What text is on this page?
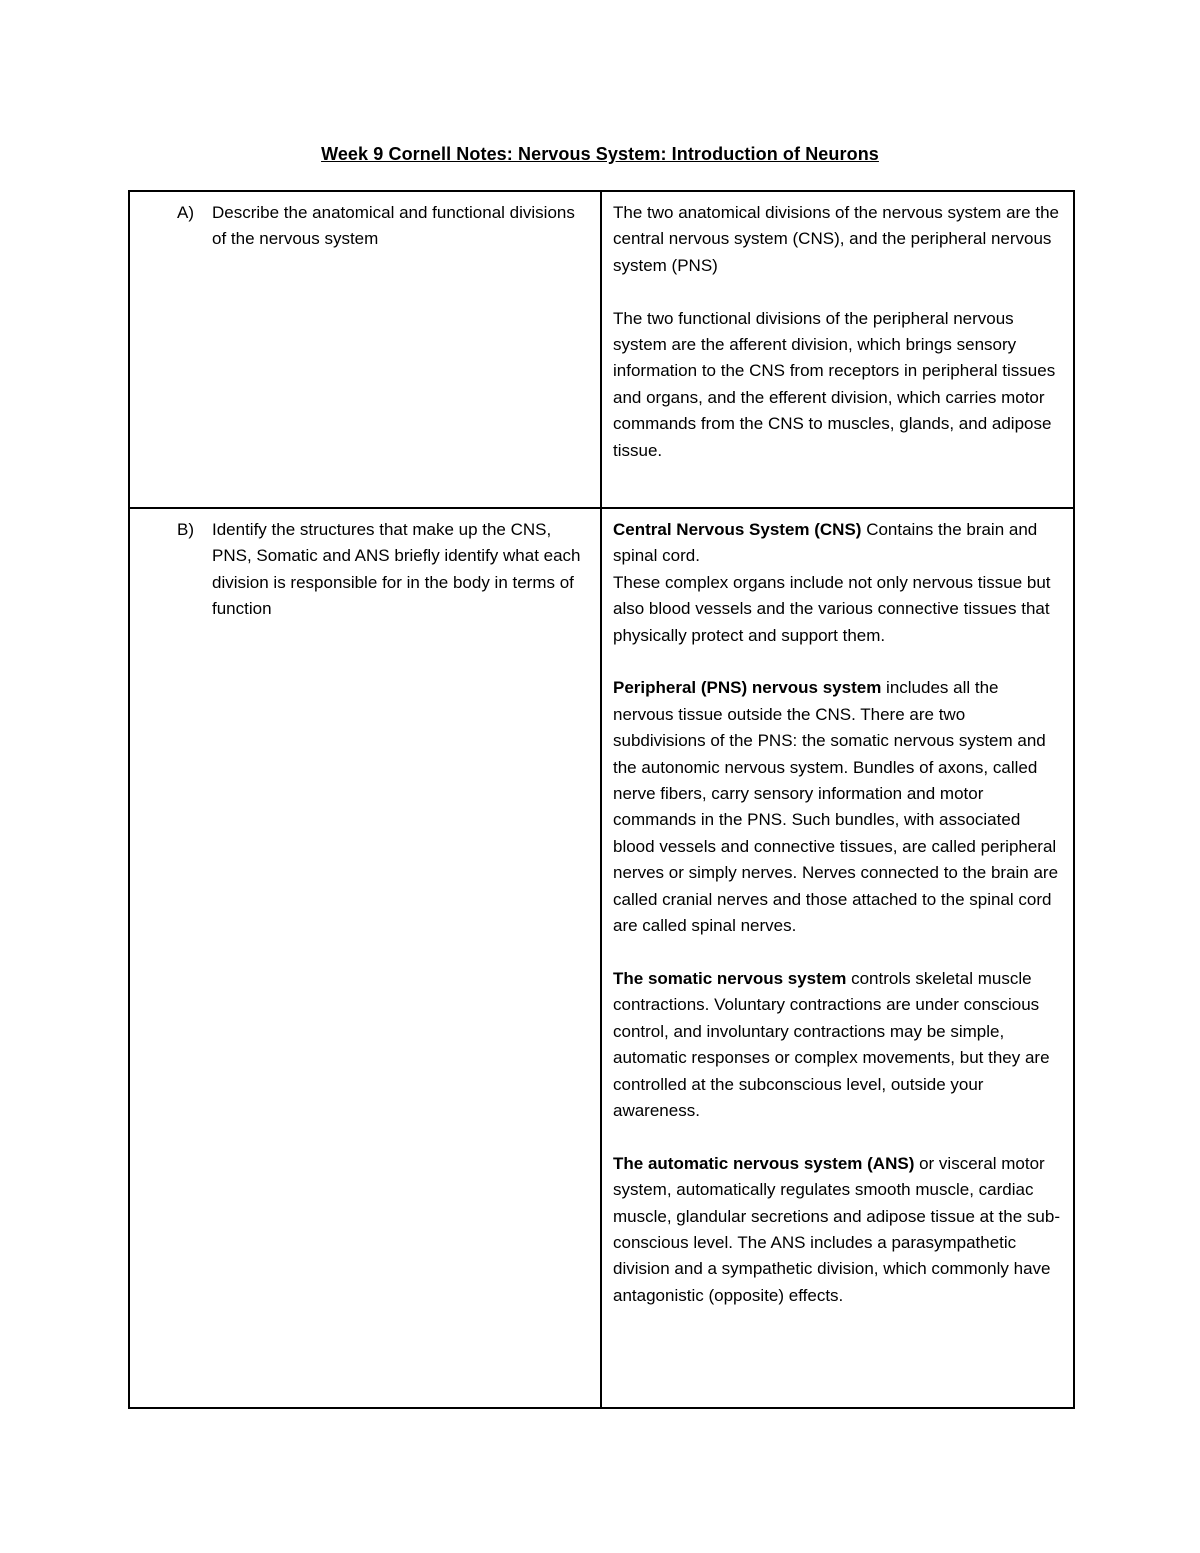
Week 9 Cornell Notes: Nervous System: Introduction of Neurons
A)	Describe the anatomical and functional divisions of the nervous system

The two anatomical divisions of the nervous system are the central nervous system (CNS), and the peripheral nervous system (PNS)

The two functional divisions of the peripheral nervous system are the afferent division, which brings sensory information to the CNS from receptors in peripheral tissues and organs, and the efferent division, which carries motor commands from the CNS to muscles, glands, and adipose tissue.

B)	Identify the structures that make up the CNS, PNS, Somatic and ANS briefly identify what each division is responsible for in the body in terms of function

Central Nervous System (CNS) Contains the brain and spinal cord.

These complex organs include not only nervous tissue but also blood vessels and the various connective tissues that physically protect and support them.

Peripheral (PNS) nervous system includes all the nervous tissue outside the CNS. There are two subdivisions of the PNS: the somatic nervous system and the autonomic nervous system. Bundles of axons, called nerve fibers, carry sensory information and motor commands in the PNS. Such bundles, with associated blood vessels and connective tissues, are called peripheral nerves or simply nerves. Nerves connected to the brain are called cranial nerves and those attached to the spinal cord are called spinal nerves.

The somatic nervous system controls skeletal muscle contractions. Voluntary contractions are under conscious control, and involuntary contractions may be simple, automatic responses or complex movements, but they are controlled at the subconscious level, outside your awareness.

The automatic nervous system (ANS) or visceral motor system, automatically regulates smooth muscle, cardiac muscle, glandular secretions and adipose tissue at the sub-conscious level. The ANS includes a parasympathetic division and a sympathetic division, which commonly have antagonistic (opposite) effects.
